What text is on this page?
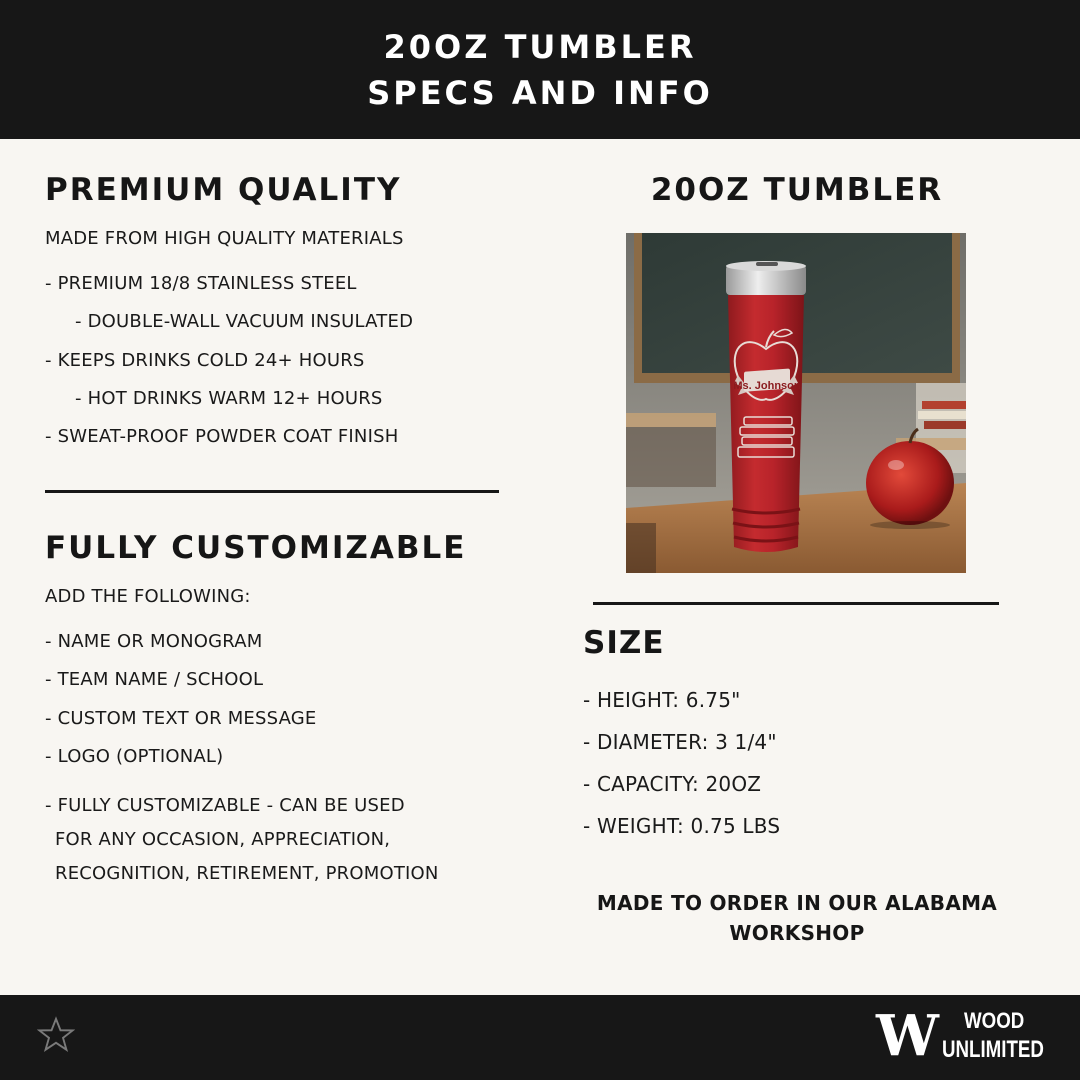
20OZ TUMBLER
SPECS AND INFO
PREMIUM QUALITY
MADE FROM HIGH QUALITY MATERIALS
- PREMIUM 18/8 STAINLESS STEEL
- DOUBLE-WALL VACUUM INSULATED
- KEEPS DRINKS COLD 24+ HOURS
- HOT DRINKS WARM 12+ HOURS
- SWEAT-PROOF POWDER COAT FINISH
FULLY CUSTOMIZABLE
ADD THE FOLLOWING:
- NAME OR MONOGRAM
- TEAM NAME / SCHOOL
- CUSTOM TEXT OR MESSAGE
- LOGO (OPTIONAL)
- FULLY CUSTOMIZABLE - CAN BE USED
FOR ANY OCCASION, APPRECIATION,
RECOGNITION, RETIREMENT, PROMOTION
20OZ TUMBLER
Ms. Johnson
SIZE
- HEIGHT: 6.75"
- DIAMETER: 3 1/4"
- CAPACITY: 20OZ
- WEIGHT: 0.75 LBS
MADE TO ORDER IN OUR ALABAMA
WORKSHOP
W WOOD
UNLIMITED
